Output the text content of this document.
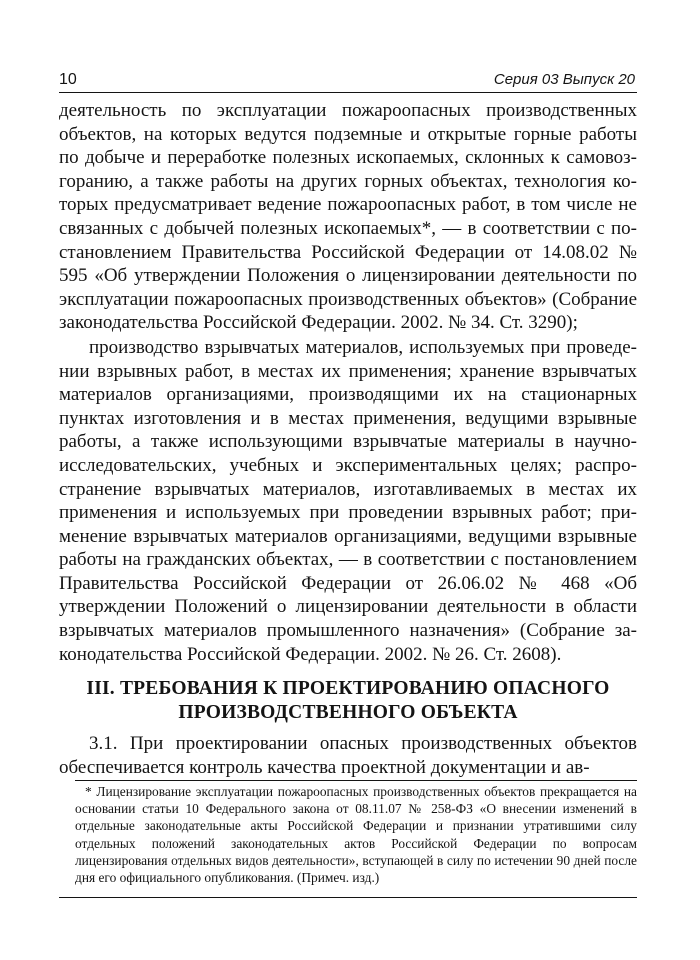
10	Серия 03 Выпуск 20

деятельность по эксплуатации пожароопасных производственных объектов, на которых ведутся подземные и открытые горные работы по добыче и переработке полезных ископаемых, склонных к самовозгоранию, а также работы на других горных объектах, технология которых предусматривает ведение пожароопасных работ, в том числе не связанных с добычей полезных ископаемых*, — в соответствии с постановлением Правительства Российской Федерации от 14.08.02 № 595 «Об утверждении Положения о лицензировании деятельности по эксплуатации пожароопасных производственных объектов» (Собрание законодательства Российской Федерации. 2002. № 34. Ст. 3290);

производство взрывчатых материалов, используемых при проведении взрывных работ, в местах их применения; хранение взрывчатых материалов организациями, производящими их на стационарных пунктах изготовления и в местах применения, ведущими взрывные работы, а также использующими взрывчатые материалы в научно-исследовательских, учебных и экспериментальных целях; распространение взрывчатых материалов, изготавливаемых в местах их применения и используемых при проведении взрывных работ; применение взрывчатых материалов организациями, ведущими взрывные работы на гражданских объектах, — в соответствии с постановлением Правительства Российской Федерации от 26.06.02 № 468 «Об утверждении Положений о лицензировании деятельности в области взрывчатых материалов промышленного назначения» (Собрание законодательства Российской Федерации. 2002. № 26. Ст. 2608).

III. ТРЕБОВАНИЯ К ПРОЕКТИРОВАНИЮ ОПАСНОГО ПРОИЗВОДСТВЕННОГО ОБЪЕКТА

3.1. При проектировании опасных производственных объектов обеспечивается контроль качества проектной документации и ав-

* Лицензирование эксплуатации пожароопасных производственных объектов прекращается на основании статьи 10 Федерального закона от 08.11.07 № 258-ФЗ «О внесении изменений в отдельные законодательные акты Российской Федерации и признании утратившими силу отдельных положений законодательных актов Российской Федерации по вопросам лицензирования отдельных видов деятельности», вступающей в силу по истечении 90 дней после дня его официального опубликования. (Примеч. изд.)
